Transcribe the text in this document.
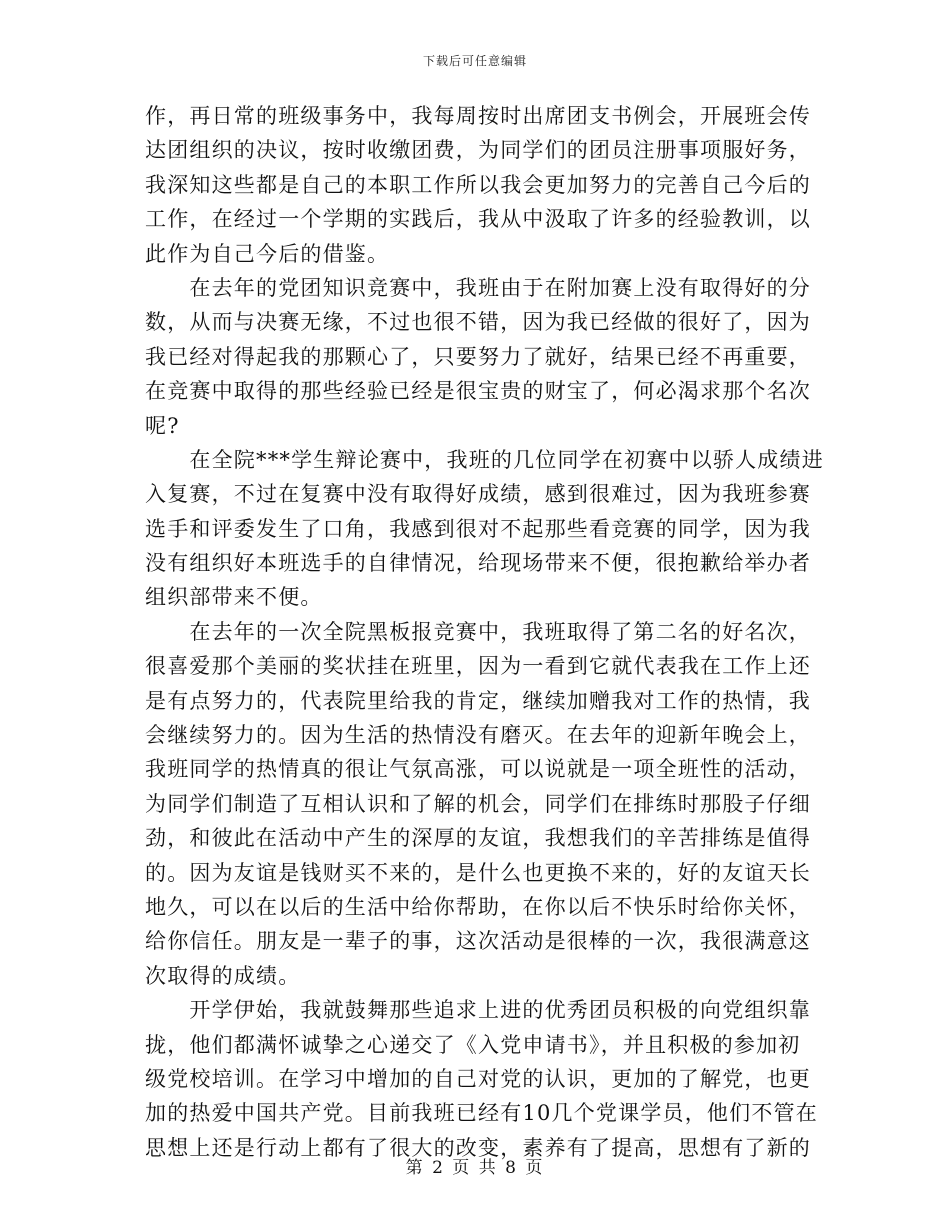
下载后可任意编辑
作，再日常的班级事务中，我每周按时出席团支书例会，开展班会传
达团组织的决议，按时收缴团费，为同学们的团员注册事项服好务，
我深知这些都是自己的本职工作所以我会更加努力的完善自己今后的
工作，在经过一个学期的实践后，我从中汲取了许多的经验教训，以
此作为自己今后的借鉴。
　　在去年的党团知识竞赛中，我班由于在附加赛上没有取得好的分
数，从而与决赛无缘，不过也很不错，因为我已经做的很好了，因为
我已经对得起我的那颗心了，只要努力了就好，结果已经不再重要，
在竞赛中取得的那些经验已经是很宝贵的财宝了，何必渴求那个名次
呢?
　　在全院***学生辩论赛中，我班的几位同学在初赛中以骄人成绩进
入复赛，不过在复赛中没有取得好成绩，感到很难过，因为我班参赛
选手和评委发生了口角，我感到很对不起那些看竞赛的同学，因为我
没有组织好本班选手的自律情况，给现场带来不便，很抱歉给举办者
组织部带来不便。
　　在去年的一次全院黑板报竞赛中，我班取得了第二名的好名次，
很喜爱那个美丽的奖状挂在班里，因为一看到它就代表我在工作上还
是有点努力的，代表院里给我的肯定，继续加赠我对工作的热情，我
会继续努力的。因为生活的热情没有磨灭。在去年的迎新年晚会上，
我班同学的热情真的很让气氛高涨，可以说就是一项全班性的活动，
为同学们制造了互相认识和了解的机会，同学们在排练时那股子仔细
劲，和彼此在活动中产生的深厚的友谊，我想我们的辛苦排练是值得
的。因为友谊是钱财买不来的，是什么也更换不来的，好的友谊天长
地久，可以在以后的生活中给你帮助，在你以后不快乐时给你关怀，
给你信任。朋友是一辈子的事，这次活动是很棒的一次，我很满意这
次取得的成绩。
　　开学伊始，我就鼓舞那些追求上进的优秀团员积极的向党组织靠
拢，他们都满怀诚挚之心递交了《入党申请书》，并且积极的参加初
级党校培训。在学习中增加的自己对党的认识，更加的了解党，也更
加的热爱中国共产党。目前我班已经有10几个党课学员，他们不管在
思想上还是行动上都有了很大的改变，素养有了提高，思想有了新的
第 2 页 共 8 页
